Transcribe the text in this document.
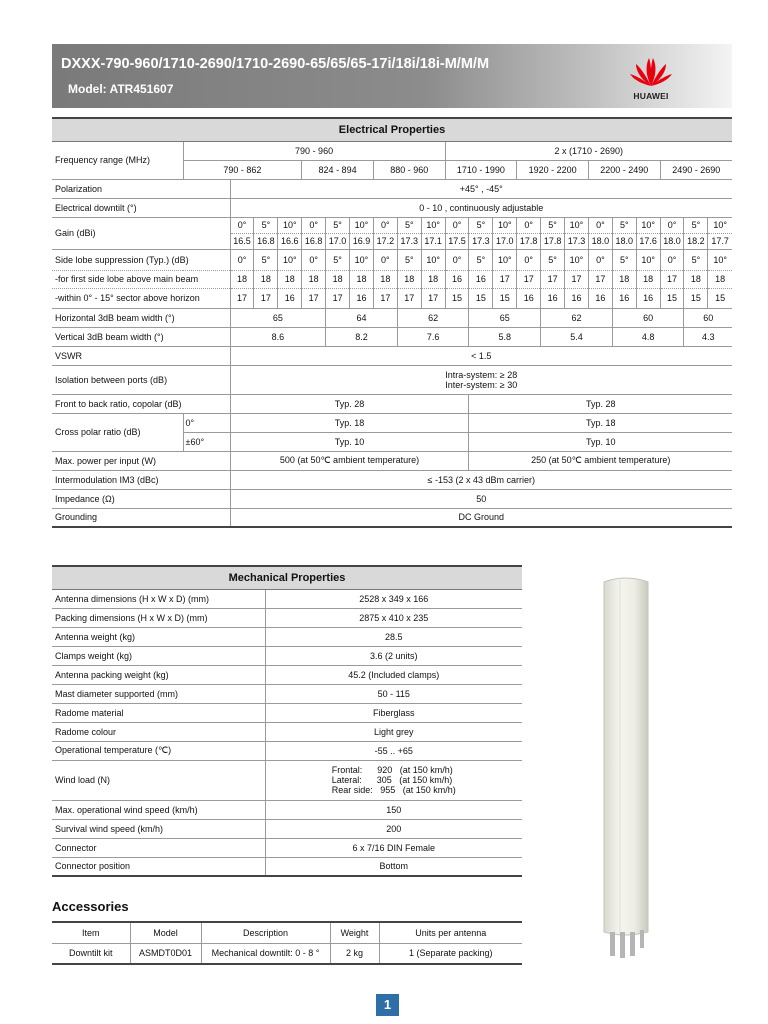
DXXX-790-960/1710-2690/1710-2690-65/65/65-17i/18i/18i-M/M/M
Model: ATR451607	HUAWEI
Electrical Properties																						
Frequency range (MHz)	790 - 960										2 x (1710 - 2690)											
	790 - 862				824 - 894			880 - 960			1710 - 1990			1920 - 2200			2200 - 2490			2490 - 2690		
Polarization		+45° , -45°																				
Electrical downtilt (°)		0 - 10 , continuously adjustable																				
Gain (dBi)		0°	5°	10°	0°	5°	10°	0°	5°	10°	0°	5°	10°	0°	5°	10°	0°	5°	10°	0°	5°	10°
		16.5	16.8	16.6	16.8	17.0	16.9	17.2	17.3	17.1	17.5	17.3	17.0	17.8	17.8	17.3	18.0	18.0	17.6	18.0	18.2	17.7
Side lobe suppression (Typ.) (dB)		0°	5°	10°	0°	5°	10°	0°	5°	10°	0°	5°	10°	0°	5°	10°	0°	5°	10°	0°	5°	10°
-for first side lobe above main beam		18	18	18	18	18	18	18	18	18	16	16	17	17	17	17	17	18	18	17	18	18
-within 0° - 15° sector above horizon		17	17	16	17	17	16	17	17	17	15	15	15	16	16	16	16	16	16	15	15	15
Horizontal 3dB beam width (°)		65				64			62			65			62			60			60	
Vertical 3dB beam width (°)		8.6				8.2			7.6			5.8			5.4			4.8			4.3	
VSWR		< 1.5																				
Isolation between ports (dB)		Intra-system: ≥ 28
Inter-system: ≥ 30																				

Front to back ratio, copolar (dB)		Typ. 28										Typ. 28										
Cross polar ratio (dB)	0°	Typ. 18										Typ. 18										
	±60°	Typ. 10										Typ. 10										
Max. power per input (W)		500 (at 50℃ ambient temperature)										250 (at 50℃ ambient temperature)										
Intermodulation IM3 (dBc)		≤ -153 (2 x 43 dBm carrier)																				
Impedance (Ω)		50																				
Grounding		DC Ground																				
Mechanical Properties	
Antenna dimensions (H x W x D) (mm)	2528 x 349 x 166
Packing dimensions (H x W x D) (mm)	2875 x 410 x 235
Antenna weight (kg)	28.5
Clamps weight (kg)	3.6 (2 units)
Antenna packing weight (kg)	45.2 (Included clamps)
Mast diameter supported (mm)	50 - 115
Radome material	Fiberglass
Radome colour	Light grey
Operational temperature (℃)	-55 .. +65
Wind load (N)	Frontal:      920   (at 150 km/h)
Lateral:      305   (at 150 km/h)
Rear side:   955   (at 150 km/h)

Max. operational wind speed (km/h)	150
Survival wind speed (km/h)	200
Connector	6 x 7/16 DIN Female
Connector position	Bottom
Accessories
Item	Model	Description	Weight	Units per antenna
Downtilt kit	ASMDT0D01	Mechanical downtilt: 0 - 8 °	2 kg	1 (Separate packing)
1
